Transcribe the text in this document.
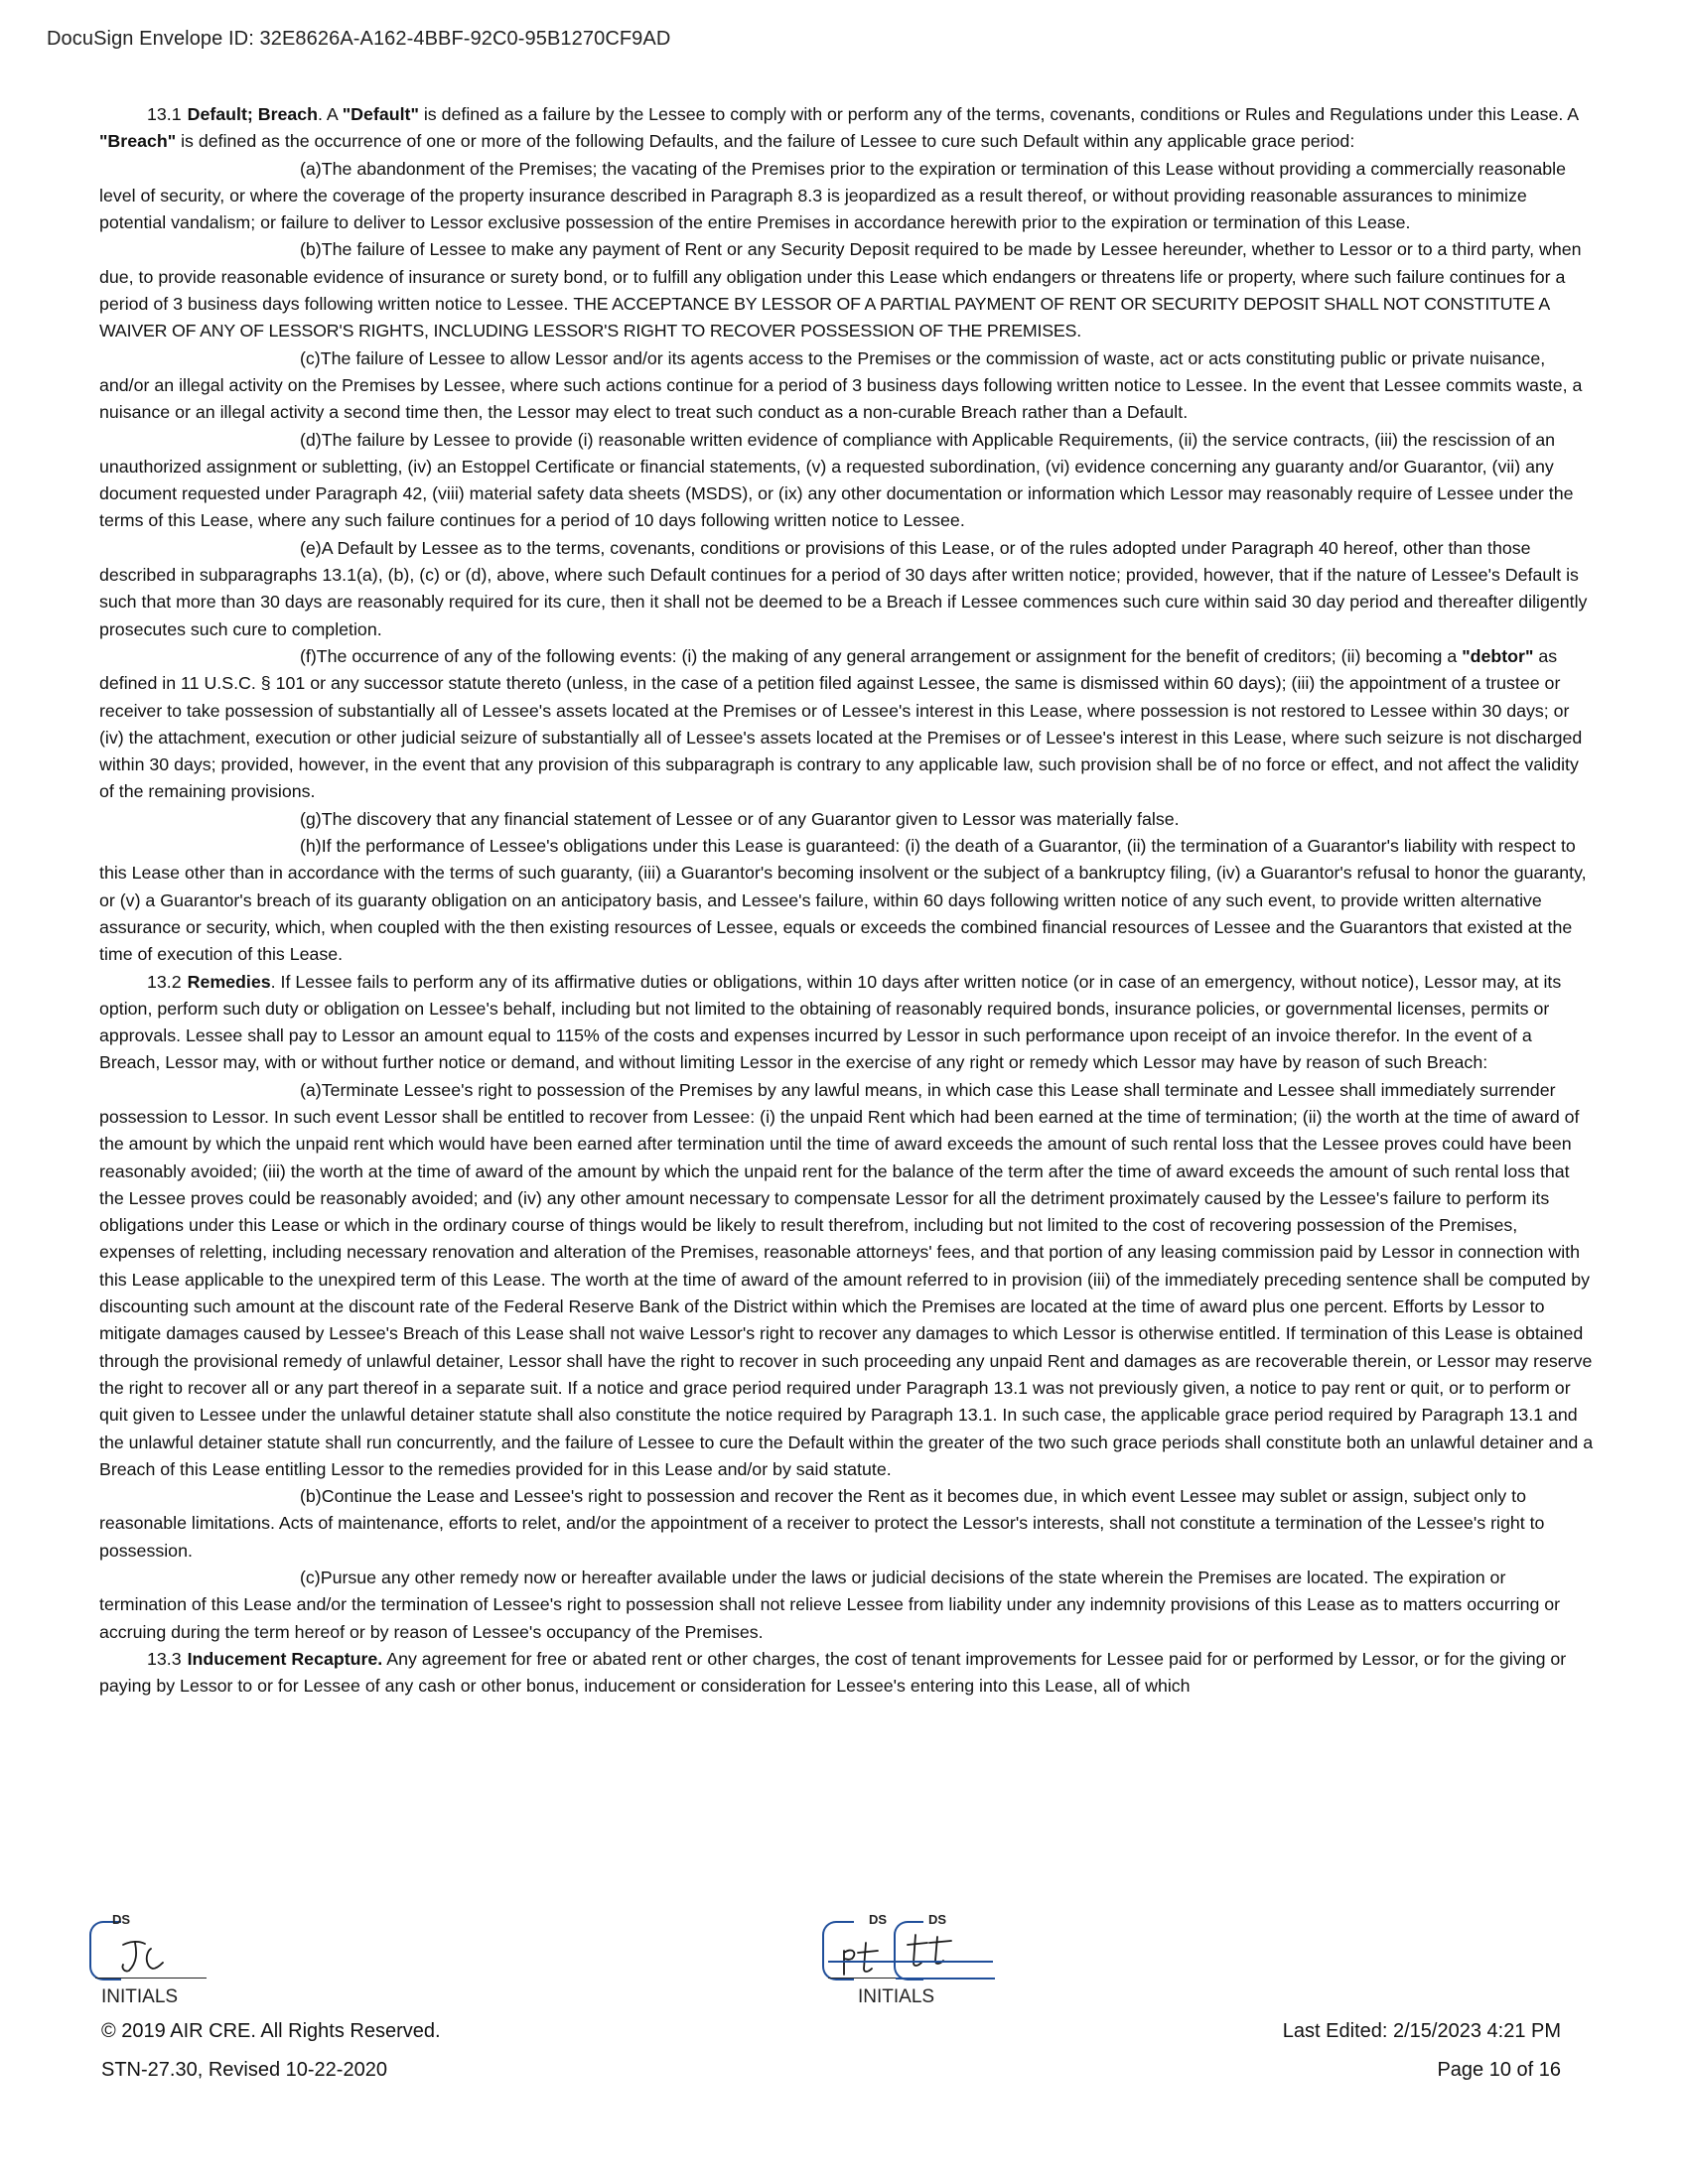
DocuSign Envelope ID: 32E8626A-A162-4BBF-92C0-95B1270CF9AD

13.1 Default; Breach. A "Default" is defined as a failure by the Lessee to comply with or perform any of the terms, covenants, conditions or Rules and Regulations under this Lease. A "Breach" is defined as the occurrence of one or more of the following Defaults, and the failure of Lessee to cure such Default within any applicable grace period:

(a)The abandonment of the Premises; the vacating of the Premises prior to the expiration or termination of this Lease without providing a commercially reasonable level of security, or where the coverage of the property insurance described in Paragraph 8.3 is jeopardized as a result thereof, or without providing reasonable assurances to minimize potential vandalism; or failure to deliver to Lessor exclusive possession of the entire Premises in accordance herewith prior to the expiration or termination of this Lease.

(b)The failure of Lessee to make any payment of Rent or any Security Deposit required to be made by Lessee hereunder, whether to Lessor or to a third party, when due, to provide reasonable evidence of insurance or surety bond, or to fulfill any obligation under this Lease which endangers or threatens life or property, where such failure continues for a period of 3 business days following written notice to Lessee. THE ACCEPTANCE BY LESSOR OF A PARTIAL PAYMENT OF RENT OR SECURITY DEPOSIT SHALL NOT CONSTITUTE A WAIVER OF ANY OF LESSOR'S RIGHTS, INCLUDING LESSOR'S RIGHT TO RECOVER POSSESSION OF THE PREMISES.

(c)The failure of Lessee to allow Lessor and/or its agents access to the Premises or the commission of waste, act or acts constituting public or private nuisance, and/or an illegal activity on the Premises by Lessee, where such actions continue for a period of 3 business days following written notice to Lessee. In the event that Lessee commits waste, a nuisance or an illegal activity a second time then, the Lessor may elect to treat such conduct as a non-curable Breach rather than a Default.

(d)The failure by Lessee to provide (i) reasonable written evidence of compliance with Applicable Requirements, (ii) the service contracts, (iii) the rescission of an unauthorized assignment or subletting, (iv) an Estoppel Certificate or financial statements, (v) a requested subordination, (vi) evidence concerning any guaranty and/or Guarantor, (vii) any document requested under Paragraph 42, (viii) material safety data sheets (MSDS), or (ix) any other documentation or information which Lessor may reasonably require of Lessee under the terms of this Lease, where any such failure continues for a period of 10 days following written notice to Lessee.

(e)A Default by Lessee as to the terms, covenants, conditions or provisions of this Lease, or of the rules adopted under Paragraph 40 hereof, other than those described in subparagraphs 13.1(a), (b), (c) or (d), above, where such Default continues for a period of 30 days after written notice; provided, however, that if the nature of Lessee's Default is such that more than 30 days are reasonably required for its cure, then it shall not be deemed to be a Breach if Lessee commences such cure within said 30 day period and thereafter diligently prosecutes such cure to completion.

(f)The occurrence of any of the following events: (i) the making of any general arrangement or assignment for the benefit of creditors; (ii) becoming a "debtor" as defined in 11 U.S.C. § 101 or any successor statute thereto (unless, in the case of a petition filed against Lessee, the same is dismissed within 60 days); (iii) the appointment of a trustee or receiver to take possession of substantially all of Lessee's assets located at the Premises or of Lessee's interest in this Lease, where possession is not restored to Lessee within 30 days; or (iv) the attachment, execution or other judicial seizure of substantially all of Lessee's assets located at the Premises or of Lessee's interest in this Lease, where such seizure is not discharged within 30 days; provided, however, in the event that any provision of this subparagraph is contrary to any applicable law, such provision shall be of no force or effect, and not affect the validity of the remaining provisions.

(g)The discovery that any financial statement of Lessee or of any Guarantor given to Lessor was materially false.

(h)If the performance of Lessee's obligations under this Lease is guaranteed: (i) the death of a Guarantor, (ii) the termination of a Guarantor's liability with respect to this Lease other than in accordance with the terms of such guaranty, (iii) a Guarantor's becoming insolvent or the subject of a bankruptcy filing, (iv) a Guarantor's refusal to honor the guaranty, or (v) a Guarantor's breach of its guaranty obligation on an anticipatory basis, and Lessee's failure, within 60 days following written notice of any such event, to provide written alternative assurance or security, which, when coupled with the then existing resources of Lessee, equals or exceeds the combined financial resources of Lessee and the Guarantors that existed at the time of execution of this Lease.

13.2 Remedies. If Lessee fails to perform any of its affirmative duties or obligations, within 10 days after written notice (or in case of an emergency, without notice), Lessor may, at its option, perform such duty or obligation on Lessee's behalf, including but not limited to the obtaining of reasonably required bonds, insurance policies, or governmental licenses, permits or approvals. Lessee shall pay to Lessor an amount equal to 115% of the costs and expenses incurred by Lessor in such performance upon receipt of an invoice therefor. In the event of a Breach, Lessor may, with or without further notice or demand, and without limiting Lessor in the exercise of any right or remedy which Lessor may have by reason of such Breach:

(a)Terminate Lessee's right to possession of the Premises by any lawful means, in which case this Lease shall terminate and Lessee shall immediately surrender possession to Lessor. In such event Lessor shall be entitled to recover from Lessee: (i) the unpaid Rent which had been earned at the time of termination; (ii) the worth at the time of award of the amount by which the unpaid rent which would have been earned after termination until the time of award exceeds the amount of such rental loss that the Lessee proves could have been reasonably avoided; (iii) the worth at the time of award of the amount by which the unpaid rent for the balance of the term after the time of award exceeds the amount of such rental loss that the Lessee proves could be reasonably avoided; and (iv) any other amount necessary to compensate Lessor for all the detriment proximately caused by the Lessee's failure to perform its obligations under this Lease or which in the ordinary course of things would be likely to result therefrom, including but not limited to the cost of recovering possession of the Premises, expenses of reletting, including necessary renovation and alteration of the Premises, reasonable attorneys' fees, and that portion of any leasing commission paid by Lessor in connection with this Lease applicable to the unexpired term of this Lease. The worth at the time of award of the amount referred to in provision (iii) of the immediately preceding sentence shall be computed by discounting such amount at the discount rate of the Federal Reserve Bank of the District within which the Premises are located at the time of award plus one percent. Efforts by Lessor to mitigate damages caused by Lessee's Breach of this Lease shall not waive Lessor's right to recover any damages to which Lessor is otherwise entitled. If termination of this Lease is obtained through the provisional remedy of unlawful detainer, Lessor shall have the right to recover in such proceeding any unpaid Rent and damages as are recoverable therein, or Lessor may reserve the right to recover all or any part thereof in a separate suit. If a notice and grace period required under Paragraph 13.1 was not previously given, a notice to pay rent or quit, or to perform or quit given to Lessee under the unlawful detainer statute shall also constitute the notice required by Paragraph 13.1. In such case, the applicable grace period required by Paragraph 13.1 and the unlawful detainer statute shall run concurrently, and the failure of Lessee to cure the Default within the greater of the two such grace periods shall constitute both an unlawful detainer and a Breach of this Lease entitling Lessor to the remedies provided for in this Lease and/or by said statute.

(b)Continue the Lease and Lessee's right to possession and recover the Rent as it becomes due, in which event Lessee may sublet or assign, subject only to reasonable limitations. Acts of maintenance, efforts to relet, and/or the appointment of a receiver to protect the Lessor's interests, shall not constitute a termination of the Lessee's right to possession.

(c)Pursue any other remedy now or hereafter available under the laws or judicial decisions of the state wherein the Premises are located. The expiration or termination of this Lease and/or the termination of Lessee's right to possession shall not relieve Lessee from liability under any indemnity provisions of this Lease as to matters occurring or accruing during the term hereof or by reason of Lessee's occupancy of the Premises.

13.3 Inducement Recapture. Any agreement for free or abated rent or other charges, the cost of tenant improvements for Lessee paid for or performed by Lessor, or for the giving or paying by Lessor to or for Lessee of any cash or other bonus, inducement or consideration for Lessee's entering into this Lease, all of which

DS
INITIALS
DS	DS
INITIALS
© 2019 AIR CRE. All Rights Reserved.
STN-27.30, Revised 10-22-2020
Last Edited: 2/15/2023 4:21 PM
Page 10 of 16
